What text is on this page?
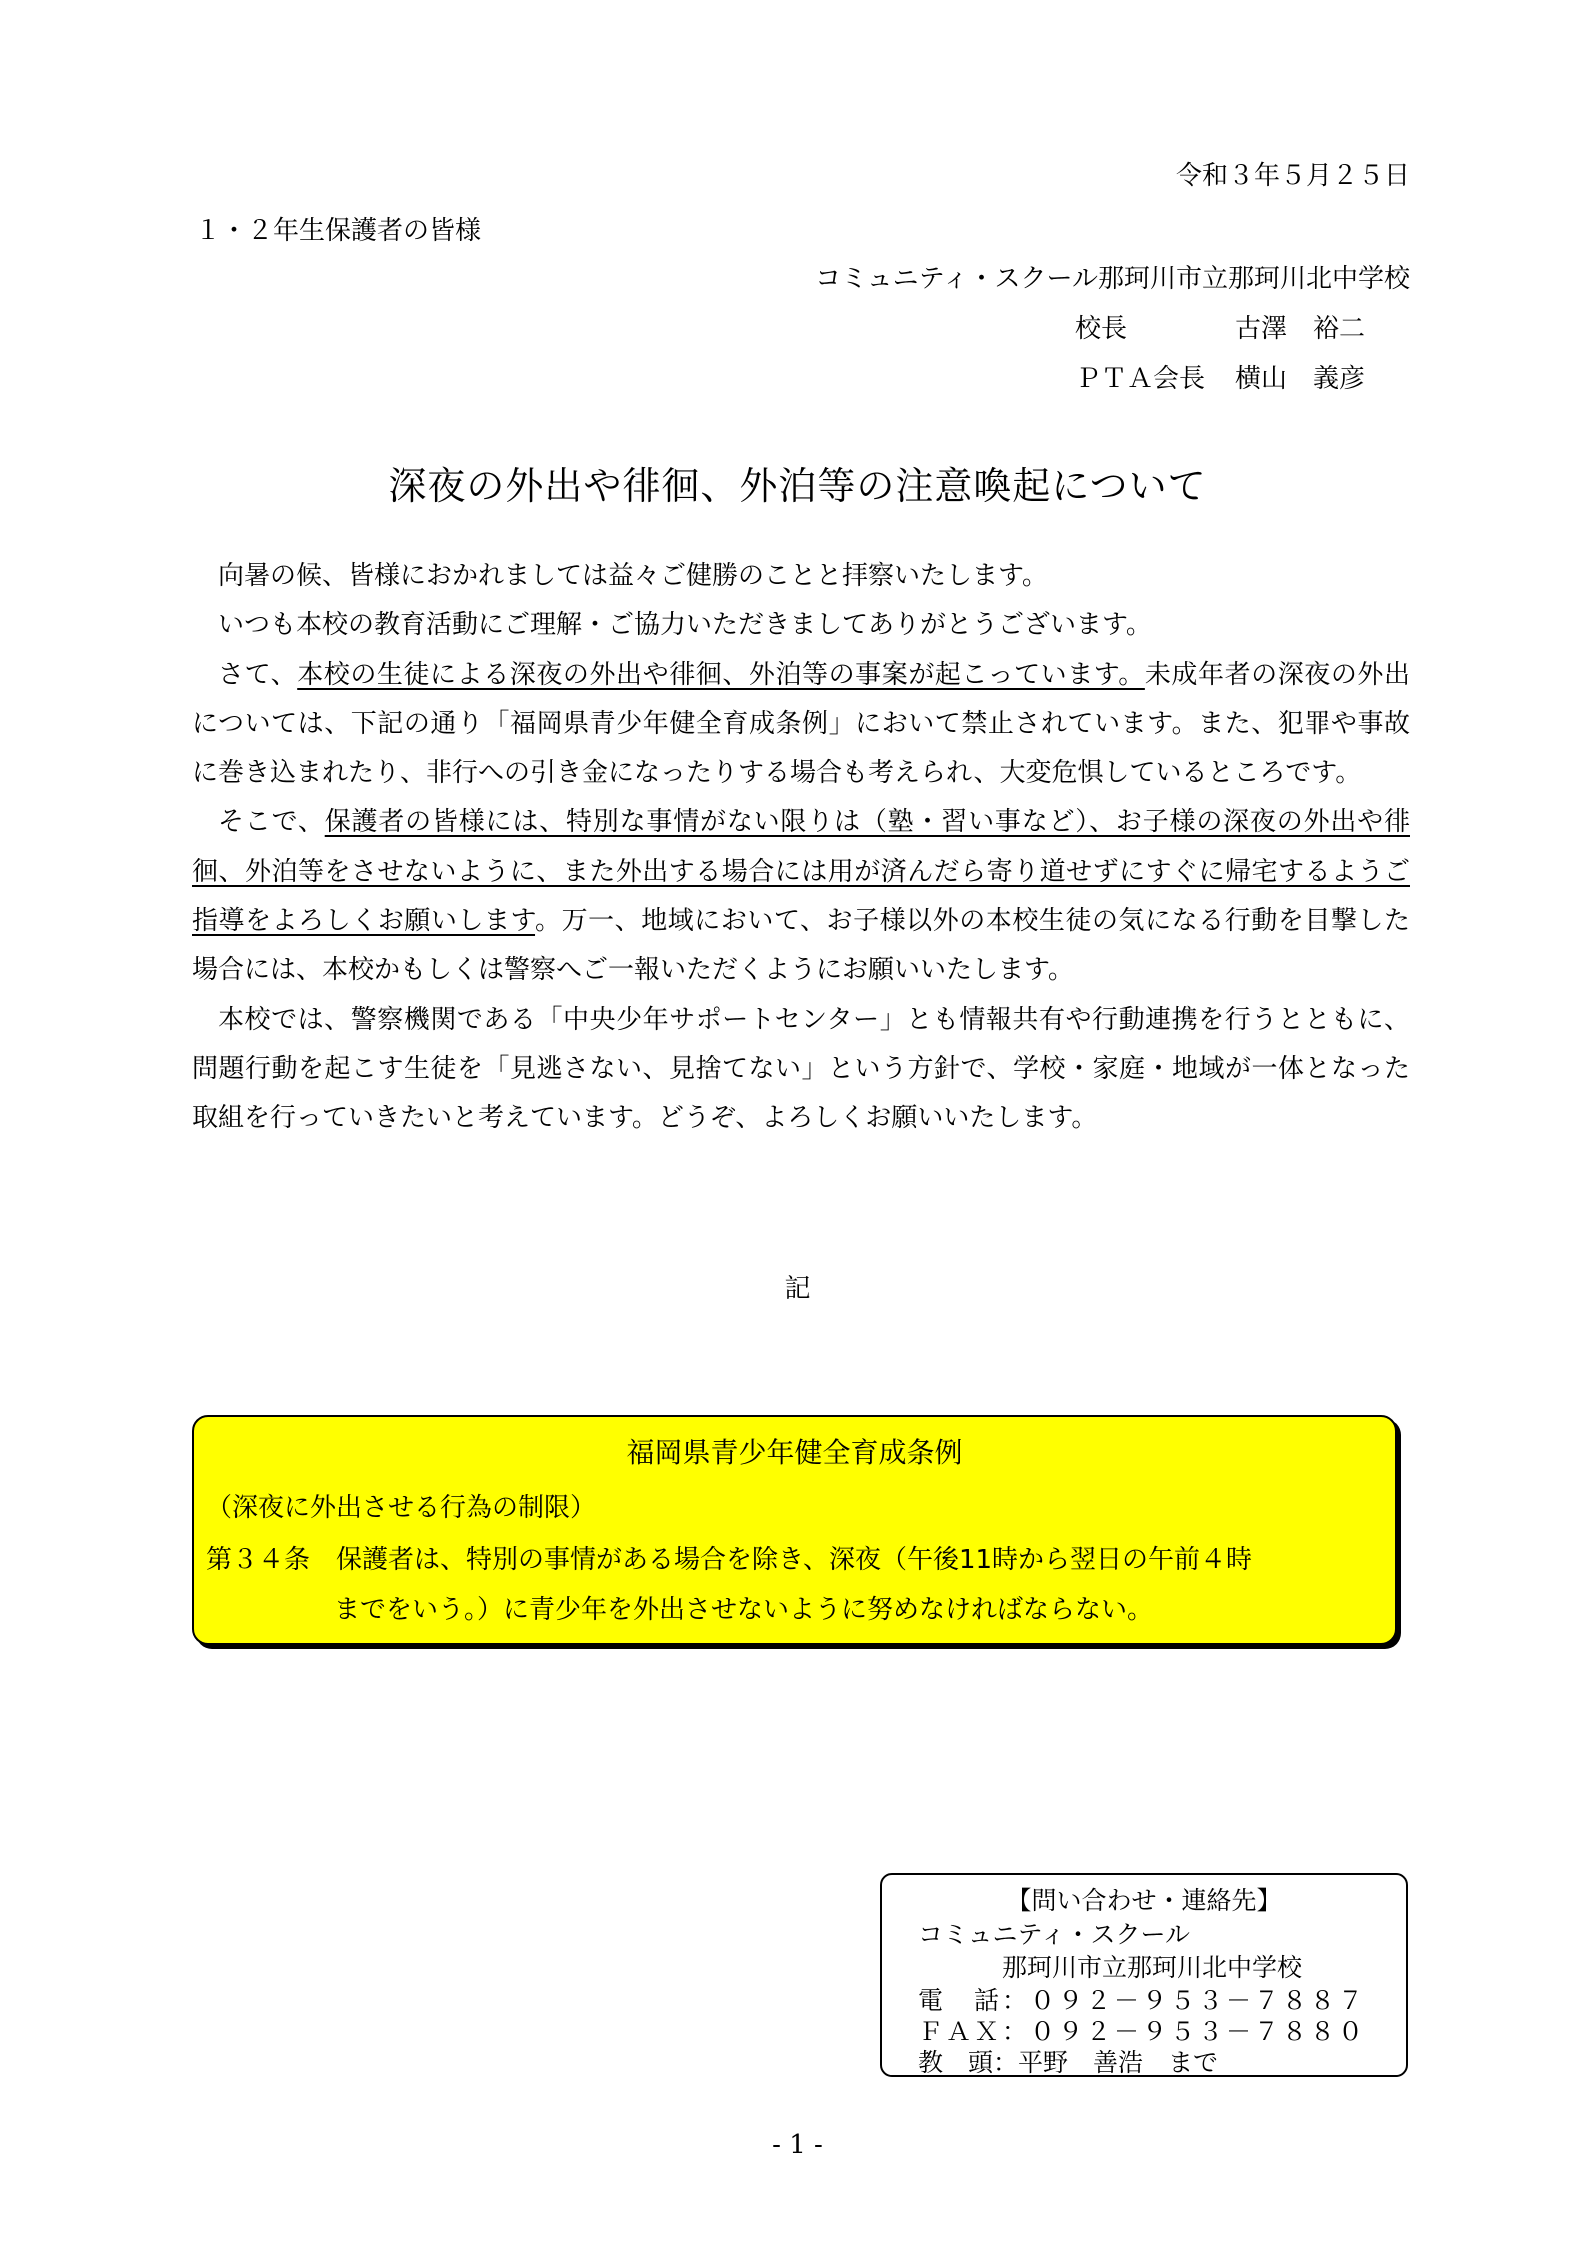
令和３年５月２５日
１・２年生保護者の皆様
コミュニティ・スクール那珂川市立那珂川北中学校
校長	古澤　裕二
ＰＴＡ会長 横山　義彦
深夜の外出や徘徊、外泊等の注意喚起について

向暑の候、皆様におかれましては益々ご健勝のことと拝察いたします。

いつも本校の教育活動にご理解・ご協力いただきましてありがとうございます。

さて、本校の生徒による深夜の外出や徘徊、外泊等の事案が起こっています。未成年者の深夜の外出については、下記の通り「福岡県青少年健全育成条例」において禁止されています。また、犯罪や事故に巻き込まれたり、非行への引き金になったりする場合も考えられ、大変危惧しているところです。

そこで、保護者の皆様には、特別な事情がない限りは（塾・習い事など）、お子様の深夜の外出や徘徊、外泊等をさせないように、また外出する場合には用が済んだら寄り道せずにすぐに帰宅するようご指導をよろしくお願いします。万一、地域において、お子様以外の本校生徒の気になる行動を目撃した場合には、本校かもしくは警察へご一報いただくようにお願いいたします。

本校では、警察機関である「中央少年サポートセンター」とも情報共有や行動連携を行うとともに、問題行動を起こす生徒を「見逃さない、見捨てない」という方針で、学校・家庭・地域が一体となった取組を行っていきたいと考えています。どうぞ、よろしくお願いいたします。

記
福岡県青少年健全育成条例
（深夜に外出させる行為の制限）
第３４条　保護者は、特別の事情がある場合を除き、深夜（午後11時から翌日の午前４時
までをいう。）に青少年を外出させないように努めなければならない。
【問い合わせ・連絡先】
コミュニティ・スクール
那珂川市立那珂川北中学校
電　話：０９２－９５３－７８８７
ＦＡＸ：０９２－９５３－７８８０
教　頭：平野　善浩　まで
- 1 -
